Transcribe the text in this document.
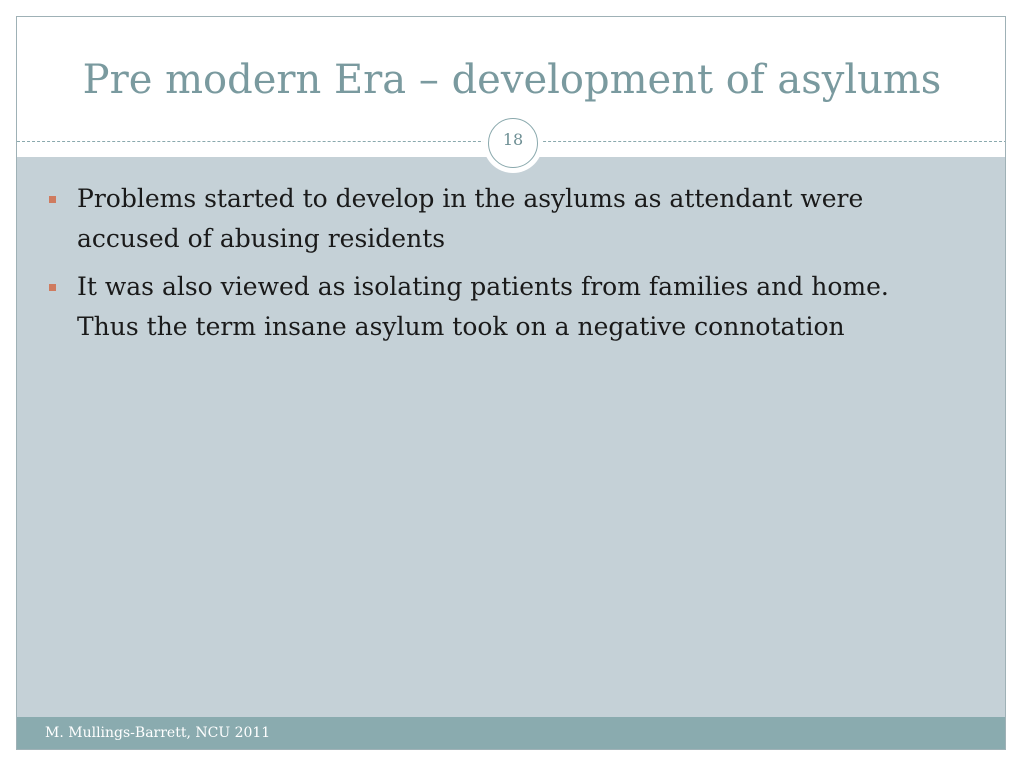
Pre modern Era – development of asylums
Problems started to develop in the asylums as attendant were accused of abusing residents
It was also viewed as isolating patients from families and home. Thus the term insane asylum took on a negative connotation
18
M. Mullings-Barrett, NCU 2011
